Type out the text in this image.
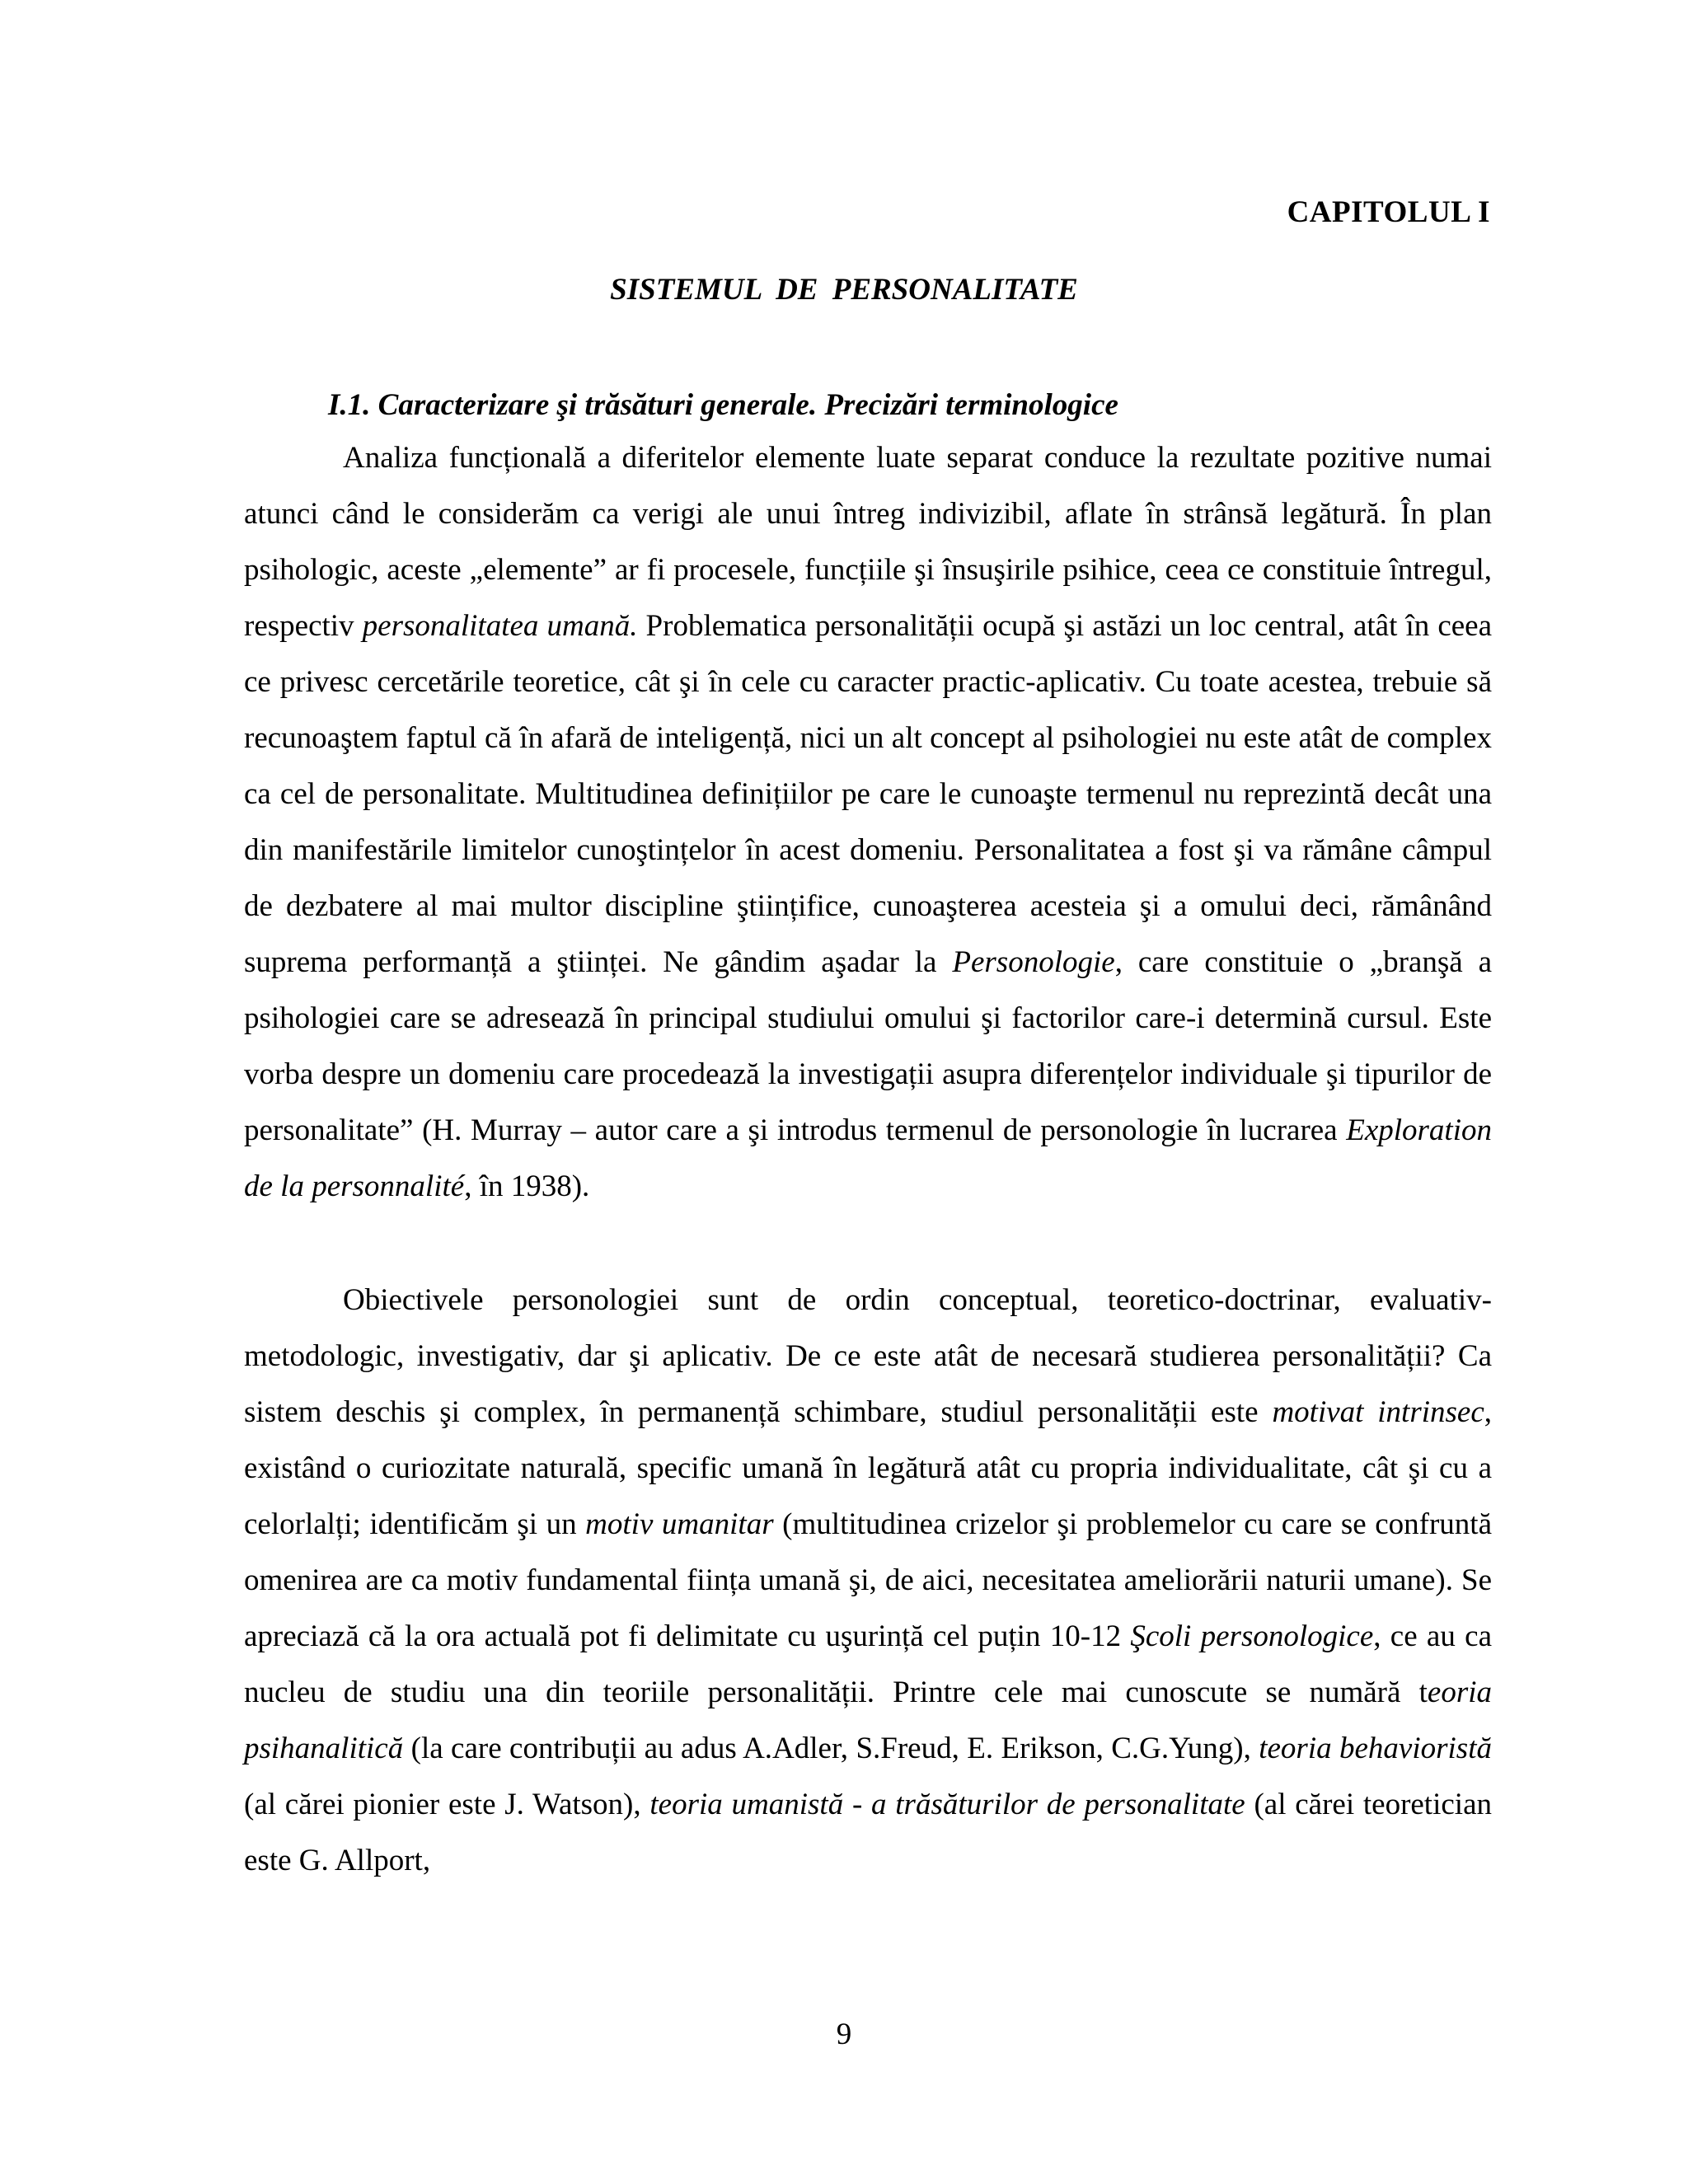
CAPITOLUL I
SISTEMUL DE PERSONALITATE
I.1. Caracterizare şi trăsături generale. Precizări terminologice

Analiza funcțională a diferitelor elemente luate separat conduce la rezultate pozitive numai atunci când le considerăm ca verigi ale unui întreg indivizibil, aflate în strânsă legătură. În plan psihologic, aceste „elemente” ar fi procesele, funcțiile şi însuşirile psihice, ceea ce constituie întregul, respectiv personalitatea umană. Problematica personalității ocupă şi astăzi un loc central, atât în ceea ce privesc cercetările teoretice, cât şi în cele cu caracter practic-aplicativ. Cu toate acestea, trebuie să recunoaştem faptul că în afară de inteligență, nici un alt concept al psihologiei nu este atât de complex ca cel de personalitate. Multitudinea definițiilor pe care le cunoaşte termenul nu reprezintă decât una din manifestările limitelor cunoştințelor în acest domeniu. Personalitatea a fost şi va rămâne câmpul de dezbatere al mai multor discipline ştiințifice, cunoaşterea acesteia şi a omului deci, rămânând suprema performanță a ştiinței. Ne gândim aşadar la Personologie, care constituie o „branşă a psihologiei care se adresează în principal studiului omului şi factorilor care-i determină cursul. Este vorba despre un domeniu care procedează la investigații asupra diferențelor individuale şi tipurilor de personalitate” (H. Murray – autor care a şi introdus termenul de personologie în lucrarea Exploration de la personnalité, în 1938).

Obiectivele personologiei sunt de ordin conceptual, teoretico-doctrinar, evaluativ-metodologic, investigativ, dar şi aplicativ. De ce este atât de necesară studierea personalității? Ca sistem deschis şi complex, în permanență schimbare, studiul personalității este motivat intrinsec, existând o curiozitate naturală, specific umană în legătură atât cu propria individualitate, cât şi cu a celorlalți; identificăm şi un motiv umanitar (multitudinea crizelor şi problemelor cu care se confruntă omenirea are ca motiv fundamental ființa umană şi, de aici, necesitatea ameliorării naturii umane). Se apreciază că la ora actuală pot fi delimitate cu uşurință cel puțin 10-12 Şcoli personologice, ce au ca nucleu de studiu una din teoriile personalității. Printre cele mai cunoscute se numără teoria psihanalitică (la care contribuții au adus A.Adler, S.Freud, E. Erikson, C.G.Yung), teoria behavioristă (al cărei pionier este J. Watson), teoria umanistă - a trăsăturilor de personalitate (al cărei teoretician este G. Allport,

9
